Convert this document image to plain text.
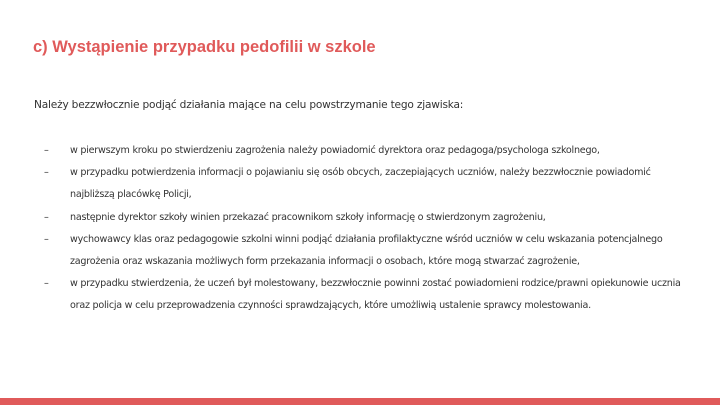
c) Wystąpienie przypadku pedofilii w szkole
Należy bezzwłocznie podjąć działania mające na celu powstrzymanie tego zjawiska:
– w pierwszym kroku po stwierdzeniu zagrożenia należy powiadomić dyrektora oraz pedagoga/psychologa szkolnego,
– w przypadku potwierdzenia informacji o pojawianiu się osób obcych, zaczepiających uczniów, należy bezzwłocznie powiadomić najbliższą placówkę Policji,
– następnie dyrektor szkoły winien przekazać pracownikom szkoły informację o stwierdzonym zagrożeniu,
– wychowawcy klas oraz pedagogowie szkolni winni podjąć działania profilaktyczne wśród uczniów w celu wskazania potencjalnego zagrożenia oraz wskazania możliwych form przekazania informacji o osobach, które mogą stwarzać zagrożenie,
– w przypadku stwierdzenia, że uczeń był molestowany, bezzwłocznie powinni zostać powiadomieni rodzice/prawni opiekunowie ucznia oraz policja w celu przeprowadzenia czynności sprawdzających, które umożliwią ustalenie sprawcy molestowania.
